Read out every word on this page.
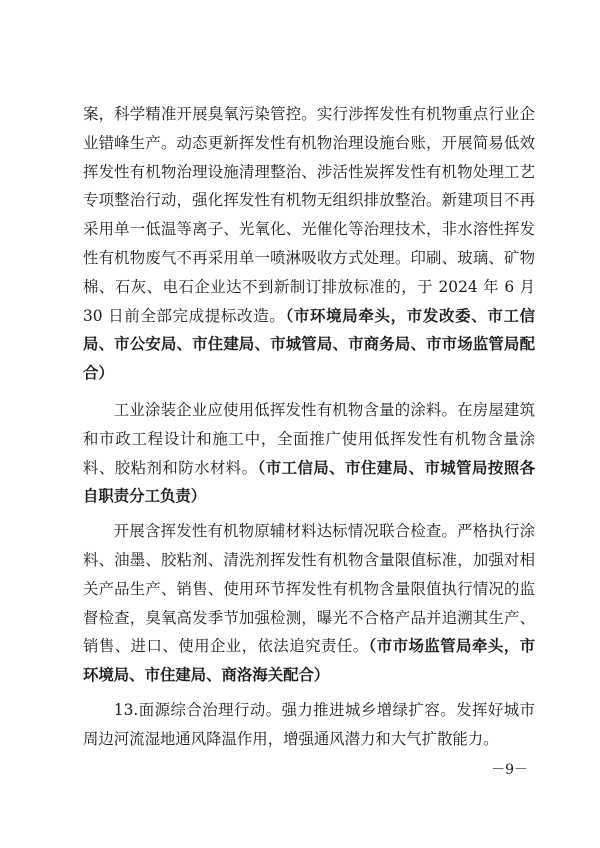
案，科学精准开展臭氧污染管控。实行涉挥发性有机物重点行业企业错峰生产。动态更新挥发性有机物治理设施台账，开展简易低效挥发性有机物治理设施清理整治、涉活性炭挥发性有机物处理工艺专项整治行动，强化挥发性有机物无组织排放整治。新建项目不再采用单一低温等离子、光氧化、光催化等治理技术，非水溶性挥发性有机物废气不再采用单一喷淋吸收方式处理。印刷、玻璃、矿物棉、石灰、电石企业达不到新制订排放标准的，于 2024 年 6 月 30 日前全部完成提标改造。（市环境局牵头，市发改委、市工信局、市公安局、市住建局、市城管局、市商务局、市市场监管局配合）

工业涂装企业应使用低挥发性有机物含量的涂料。在房屋建筑和市政工程设计和施工中，全面推广使用低挥发性有机物含量涂料、胶粘剂和防水材料。（市工信局、市住建局、市城管局按照各自职责分工负责）

开展含挥发性有机物原辅材料达标情况联合检查。严格执行涂料、油墨、胶粘剂、清洗剂挥发性有机物含量限值标准，加强对相关产品生产、销售、使用环节挥发性有机物含量限值执行情况的监督检查，臭氧高发季节加强检测，曝光不合格产品并追溯其生产、销售、进口、使用企业，依法追究责任。（市市场监管局牵头，市环境局、市住建局、商洛海关配合）

13.面源综合治理行动。强力推进城乡增绿扩容。发挥好城市周边河流湿地通风降温作用，增强通风潜力和大气扩散能力。

－9－
